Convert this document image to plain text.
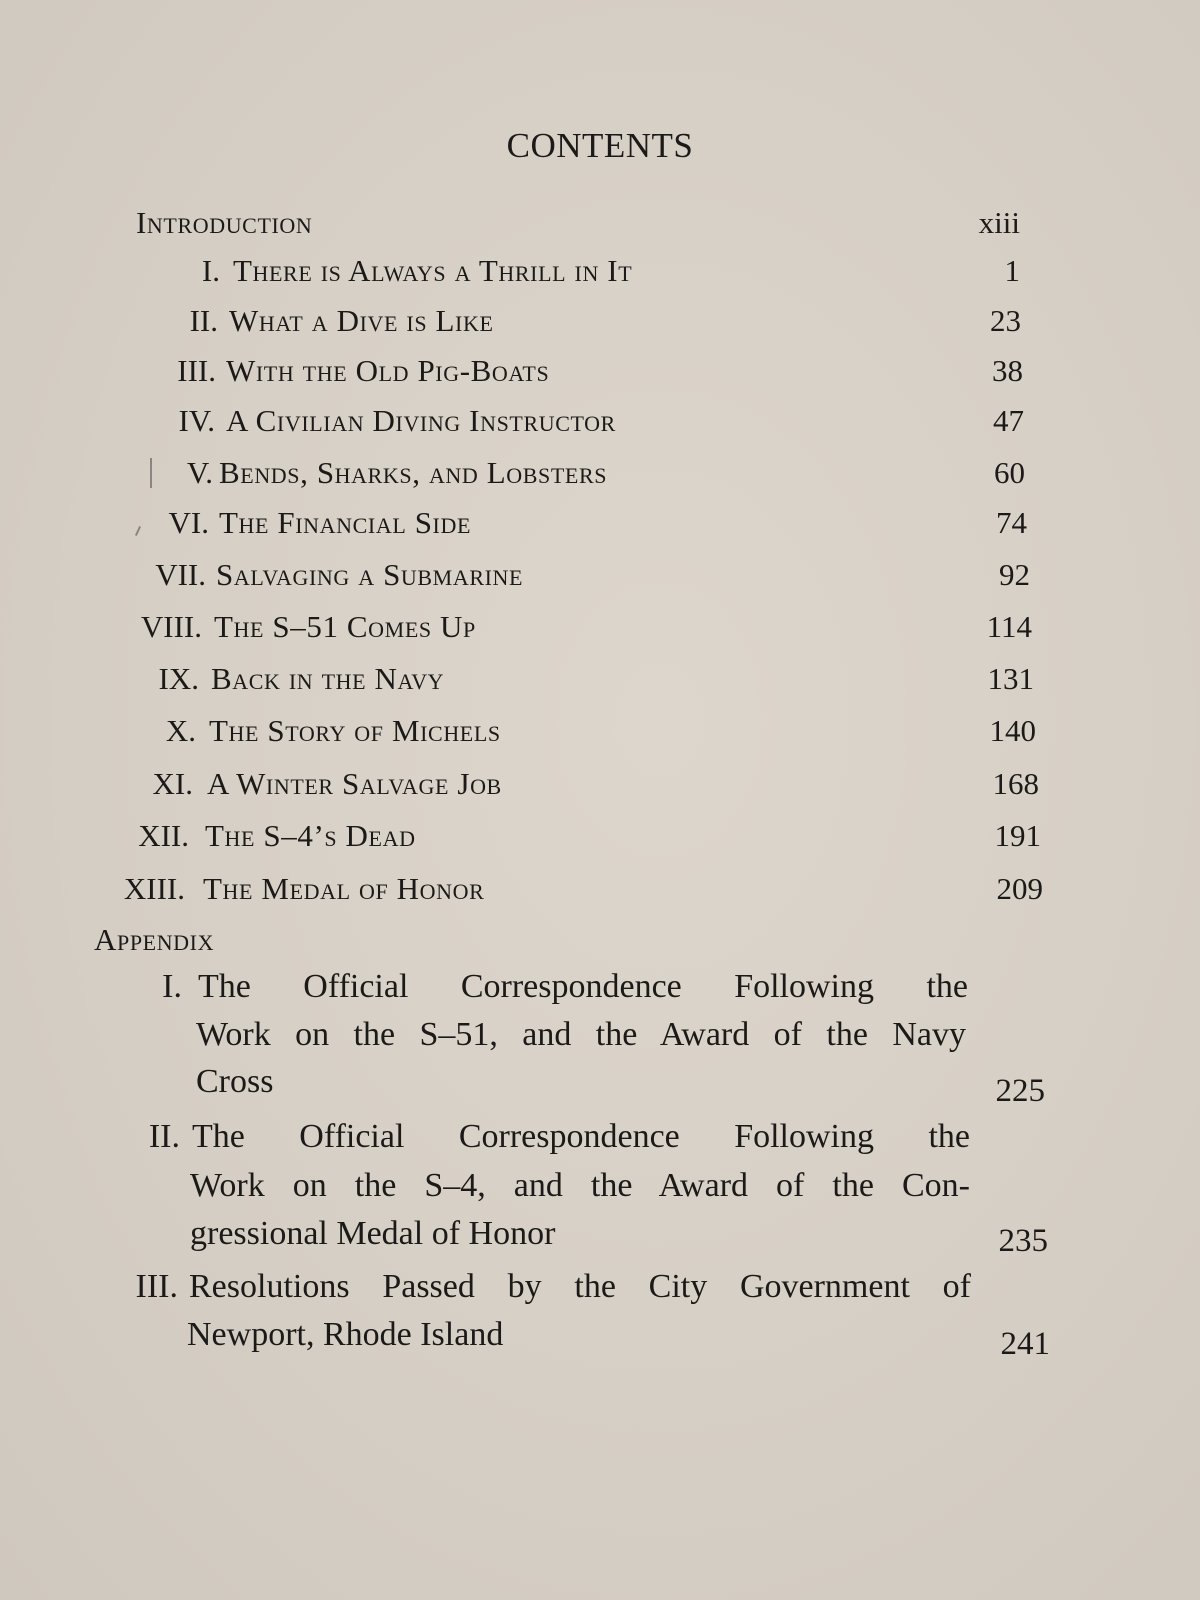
CONTENTS
Introduction	xiii
I. There is Always a Thrill in It	1
II. What a Dive is Like	23
III. With the Old Pig-Boats	38
IV. A Civilian Diving Instructor	47
V. Bends, Sharks, and Lobsters	60
VI. The Financial Side	74
VII. Salvaging a Submarine	92
VIII. The S–51 Comes Up	114
IX. Back in the Navy	131
X. The Story of Michels	140
XI. A Winter Salvage Job	168
XII. The S–4’s Dead	191
XIII. The Medal of Honor	209
Appendix
I. The Official Correspondence Following the
Work on the S–51, and the Award of the Navy
Cross	225
II. The Official Correspondence Following the
Work on the S–4, and the Award of the Con-
gressional Medal of Honor	235
III. Resolutions Passed by the City Government of
Newport, Rhode Island	241
